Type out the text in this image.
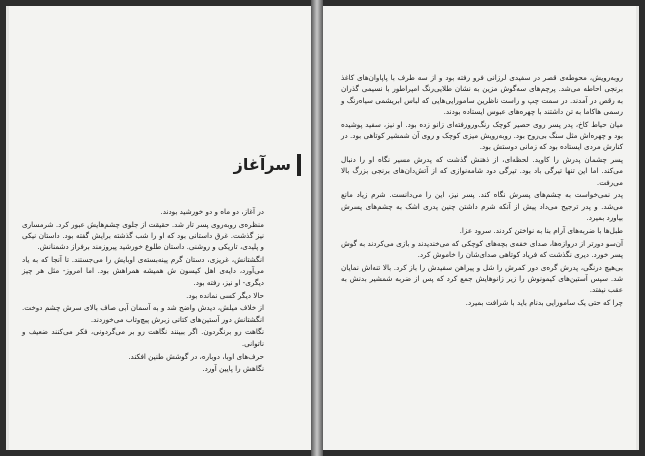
سرآغاز

در آغاز، دو ماه و دو خورشید بودند.

منظره‌ی روبه‌روی پسر تار شد. حقیقت از جلوی چشم‌هایش عبور کرد. شرمساری نیز گذشت. غرق داستانی بود که او را شب گذشته برایش گفته بود. داستان نیکی و پلیدی، تاریکی و روشنی. داستان طلوع خورشید پیروزمند برفراز دشمنانش.

انگشتانش، غریزی، دستان گرم پینه‌بسته‌ی اوبایش را می‌جستند. تا آنجا که به یاد می‌آورد، دایه‌ی اهل کیسون ش همیشه همراهش بود. اما امروز- مثل هر چیز دیگری- او نیز، رفته بود.

حالا دیگر کسی نمانده بود.

از خلاف میلش، دیدش واضح شد و به آسمان آبی صاف بالای سرش چشم دوخت. انگشتانش دور آستین‌های کتانی زبرش پیچ‌وتاب می‌خوردند.

نگاهت رو برنگردون. اگر ببینند نگاهت رو بر می‌گردونی، فکر می‌کنند ضعیف و ناتوانی.

حرف‌های اوبا، دوباره، در گوشش طنین افکند.

نگاهش را پایین آورد.

روبه‌رویش، محوطه‌ی قصر در سفیدی لرزانی فرو رفته بود و از سه طرف با پاپاوان‌های کاغذ برنجی احاطه می‌شد. پرچم‌های سه‌گوش مزین به نشان طلایی‌رنگ امپراطور با نسیمی گذران به رقص در آمدند. در سمت چپ و راست ناظرین سامورایی‌هایی که لباس ابریشمی سیاه‌رنگ و رسمی هاکاما به تن داشتند با چهره‌های عبوس ایستاده بودند.

میان حیاط کاخ، پدر پسر روی حصیر کوچک رنگ‌ورورفته‌ای زانو زده بود. او نیز، سفید پوشیده بود و چهره‌اش مثل سنگ بی‌روح بود. روبه‌رویش میزی کوچک و روی آن شمشیر کوتاهی بود. در کنارش مردی ایستاده بود که زمانی دوستش بود.

پسر چشمان پدرش را کاوید. لحظه‌ای، از ذهنش گذشت که پدرش مسیر نگاه او را دنبال می‌کند. اما این تنها تیرگی باد بود. تیرگی دود شامه‌نوازی که از آتش‌دان‌های برنجی بزرگ بالا می‌رفت.

پدر نمی‌خواست به چشم‌های پسرش نگاه کند. پسر نیز، این را می‌دانست. شرم زیاد مانع می‌شد. و پدر ترجیح می‌داد پیش از آنکه شرم داشتن چنین پدری اشک به چشم‌های پسرش بیاورد بمیرد.

طبل‌ها با ضربه‌های آرام بنا به نواختن کردند. سرود عزا.

آن‌سو دورتر از دروازه‌ها، صدای خفه‌ی بچه‌های کوچکی که می‌خندیدند و بازی می‌کردند به گوش پسر خورد. دیری نگذشت که فریاد کوتاهی صدای‌شان را خاموش کرد.

بی‌هیچ درنگی، پدرش گره‌ی دور کمرش را شل و پیراهن سفیدش را باز کرد. بالا تنه‌اش نمایان شد. سپس آستین‌های کیمونوش را زیر زانوهایش جمع کرد که پس از ضربه شمشیر بدنش به عقب نیفتد.

چرا که حتی یک سامورایی بدنام باید با شرافت بمیرد.
